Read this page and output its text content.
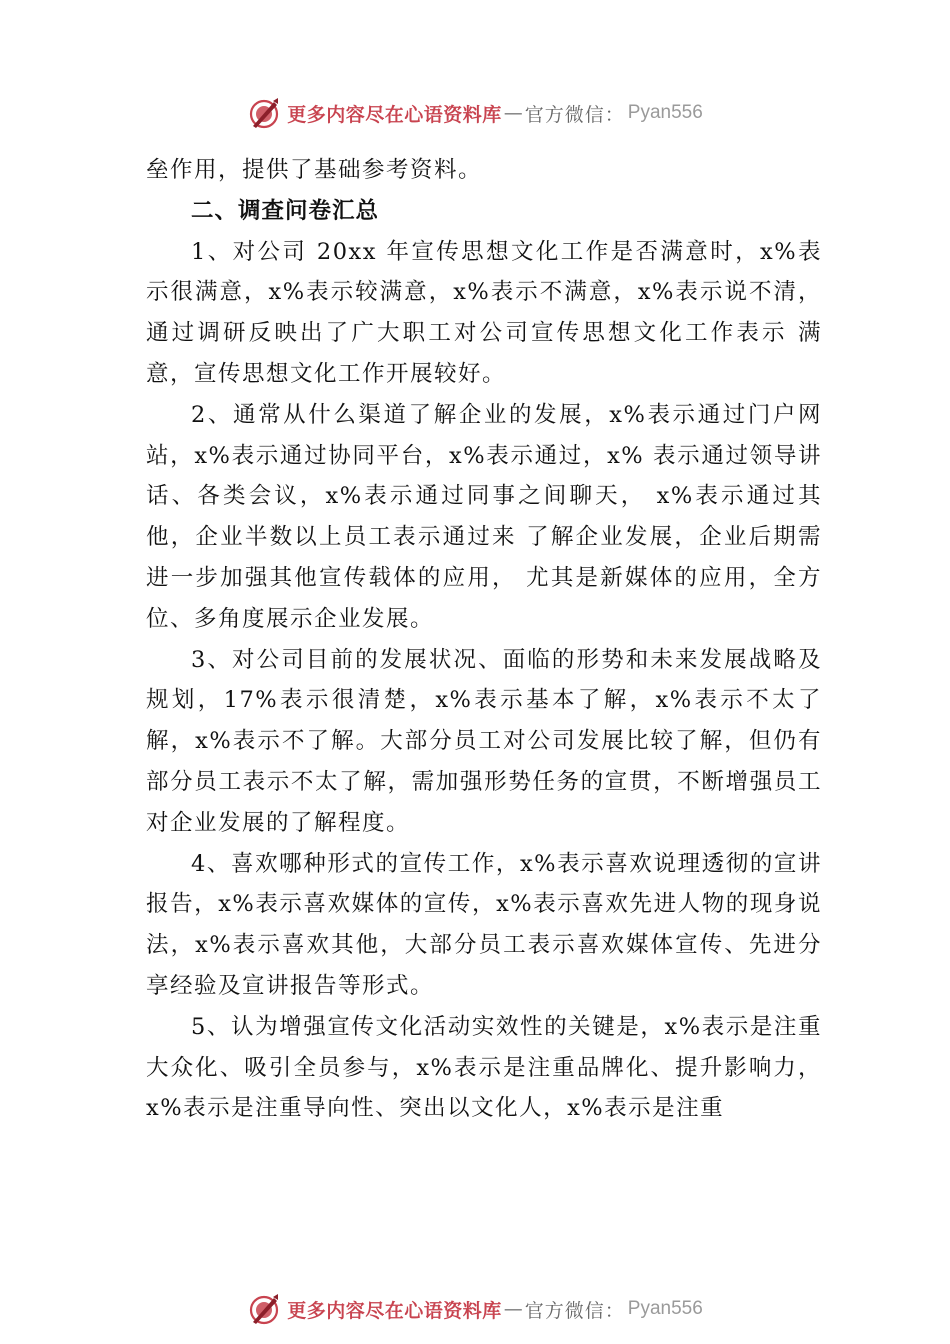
更多内容尽在心语资料库 — 官方微信 ： Pyan556

垒作用，提供了基础参考资料。

二、调查问卷汇总

1、对公司 20xx 年宣传思想文化工作是否满意时，x%表示很满意，x%表示较满意，x%表示不满意，x%表示说不清， 通过调研反映出了广大职工对公司宣传思想文化工作表示 满意，宣传思想文化工作开展较好。

2、通常从什么渠道了解企业的发展，x%表示通过门户网站，x%表示通过协同平台，x%表示通过，x% 表示通过领导讲话、各类会议，x%表示通过同事之间聊天， x%表示通过其他，企业半数以上员工表示通过来 了解企业发展，企业后期需进一步加强其他宣传载体的应用， 尤其是新媒体的应用，全方位、多角度展示企业发展。

3、对公司目前的发展状况、面临的形势和未来发展战略及规划，17%表示很清楚，x%表示基本了解，x%表示不太了解，x%表示不了解。大部分员工对公司发展比较了解，但仍有部分员工表示不太了解，需加强形势任务的宣贯，不断增强员工对企业发展的了解程度。

4、喜欢哪种形式的宣传工作，x%表示喜欢说理透彻的宣讲报告，x%表示喜欢媒体的宣传，x%表示喜欢先进人物的现身说法，x%表示喜欢其他，大部分员工表示喜欢媒体宣传、先进分享经验及宣讲报告等形式。

5、认为增强宣传文化活动实效性的关键是，x%表示是注重大众化、吸引全员参与，x%表示是注重品牌化、提升影响力，x%表示是注重导向性、突出以文化人，x%表示是注重

更多内容尽在心语资料库 — 官方微信 ： Pyan556
